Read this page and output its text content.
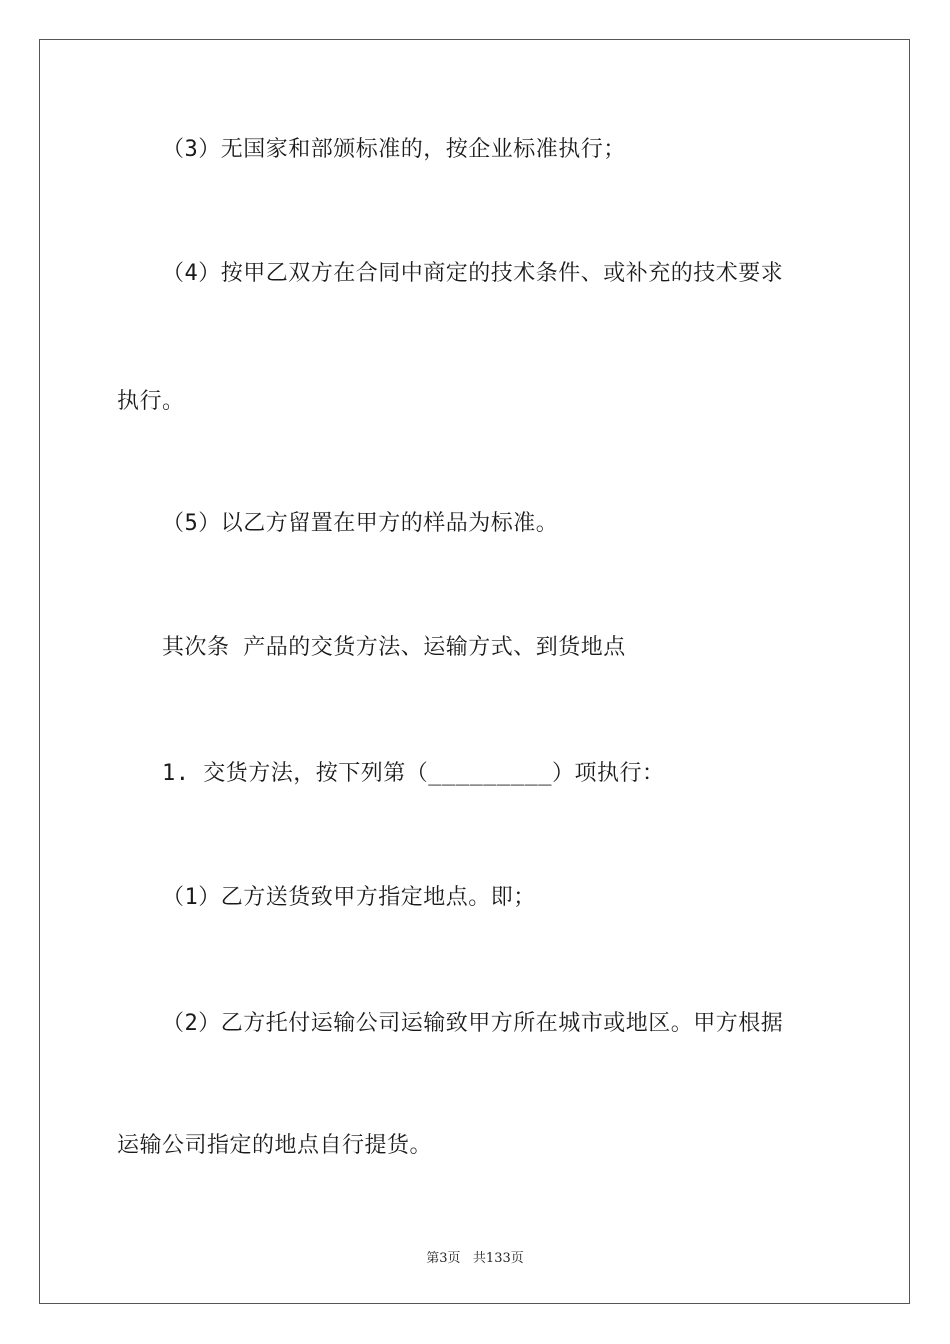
（3）无国家和部颁标准的，按企业标准执行；
（4）按甲乙双方在合同中商定的技术条件、或补充的技术要求
执行。
（5）以乙方留置在甲方的样品为标准。
其次条 产品的交货方法、运输方式、到货地点
1. 交货方法，按下列第（_________）项执行：
（1）乙方送货致甲方指定地点。即；
（2）乙方托付运输公司运输致甲方所在城市或地区。甲方根据
运输公司指定的地点自行提货。
第3页 共133页
